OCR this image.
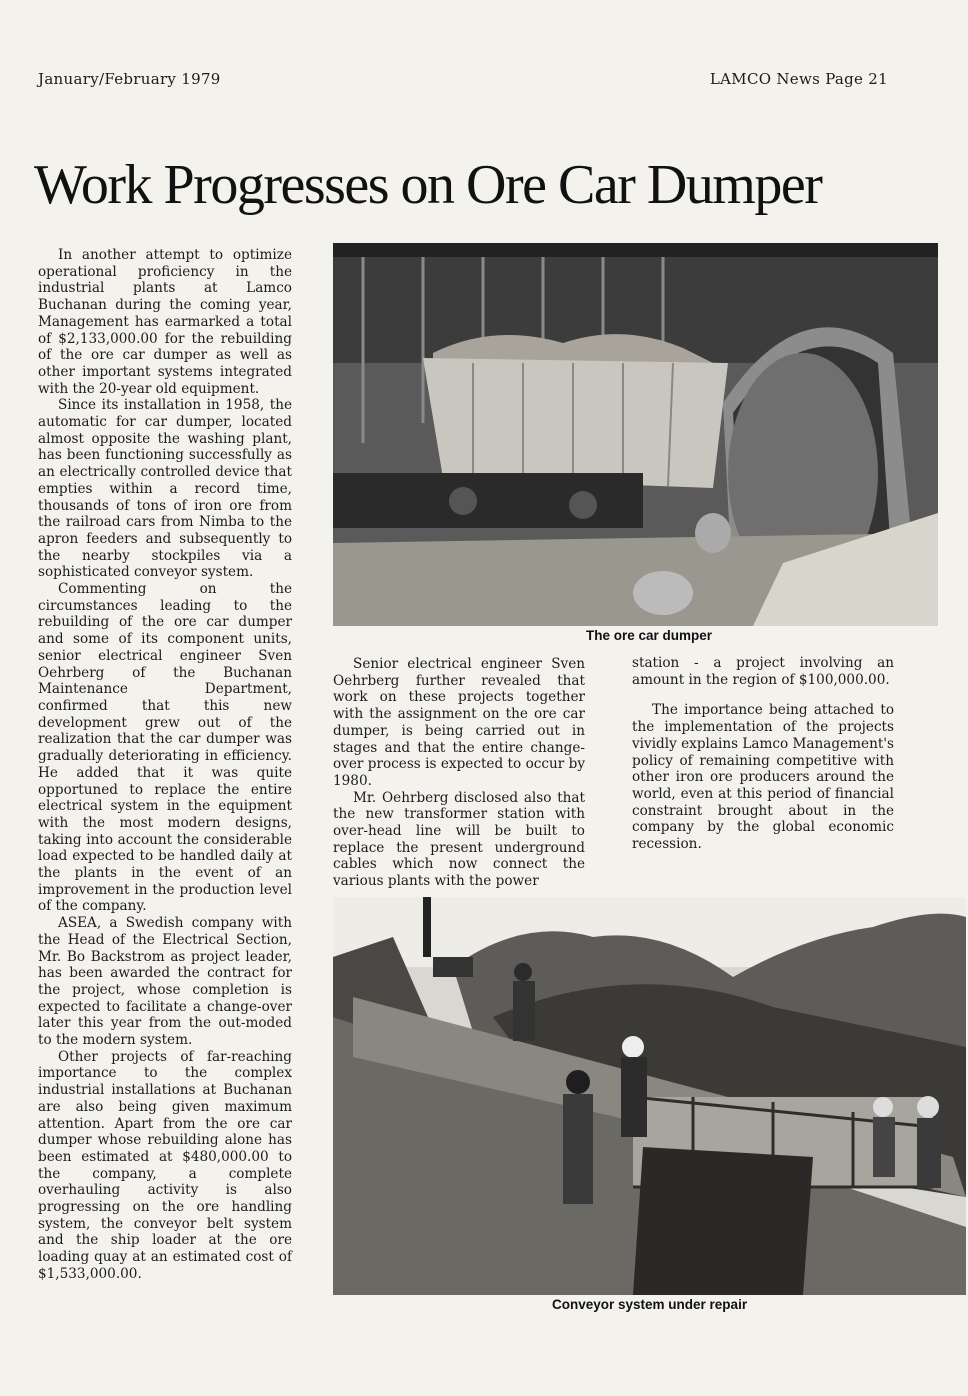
January/February 1979	LAMCO News Page 21
Work Progresses on Ore Car Dumper

In another attempt to optimize operational proficiency in the industrial plants at Lamco Buchanan during the coming year, Management has earmarked a total of $2,133,000.00 for the rebuilding of the ore car dumper as well as other important systems integrated with the 20-year old equipment.

Since its installation in 1958, the automatic for car dumper, located almost opposite the washing plant, has been functioning successfully as an electrically controlled device that empties within a record time, thousands of tons of iron ore from the railroad cars from Nimba to the apron feeders and subsequently to the nearby stockpiles via a sophisticated conveyor system.

Commenting on the circumstances leading to the rebuilding of the ore car dumper and some of its component units, senior electrical engineer Sven Oehrberg of the Buchanan Maintenance Department, confirmed that this new development grew out of the realization that the car dumper was gradually deteriorating in efficiency. He added that it was quite opportuned to replace the entire electrical system in the equipment with the most modern designs, taking into account the considerable load expected to be handled daily at the plants in the event of an improvement in the production level of the company.

ASEA, a Swedish company with the Head of the Electrical Section, Mr. Bo Backstrom as project leader, has been awarded the contract for the project, whose completion is expected to facilitate a change-over later this year from the out-moded to the modern system.

Other projects of far-reaching importance to the complex industrial installations at Buchanan are also being given maximum attention. Apart from the ore car dumper whose rebuilding alone has been estimated at $480,000.00 to the company, a complete overhauling activity is also progressing on the ore handling system, the conveyor belt system and the ship loader at the ore loading quay at an estimated cost of $1,533,000.00.

The ore car dumper

Senior electrical engineer Sven Oehrberg further revealed that work on these projects together with the assignment on the ore car dumper, is being carried out in stages and that the entire change-over process is expected to occur by 1980.

Mr. Oehrberg disclosed also that the new transformer station with over-head line will be built to replace the present underground cables which now connect the various plants with the power

station - a project involving an amount in the region of $100,000.00.

The importance being attached to the implementation of the projects vividly explains Lamco Management's policy of remaining competitive with other iron ore producers around the world, even at this period of financial constraint brought about in the company by the global economic recession.

Conveyor system under repair
